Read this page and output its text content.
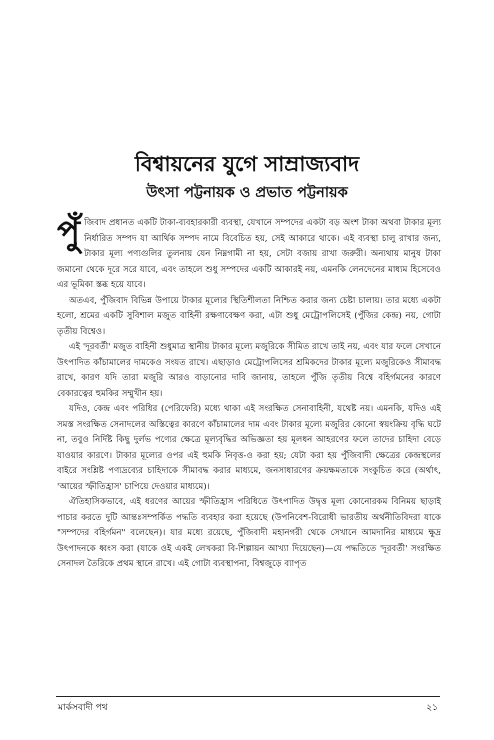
বিশ্বায়নের যুগে সাম্রাজ্যবাদ
উৎসা পট্টনায়ক ও প্রভাত পট্টনায়ক

পুঁজিবাদ প্রধানত একটি টাকা-ব্যবহারকারী ব্যবস্থা, যেখানে সম্পদের একটা বড় অংশ টাকা অথবা টাকার মূল্য নির্ধারিত সম্পদ যা আর্থিক সম্পদ নামে বিবেচিত হয়, সেই আকারে থাকে। এই ব্যবস্থা চালু রাখার জন্য, টাকার মূল্য পণ্যগুলির তুলনায় যেন নিম্নগামী না হয়, সেটা বজায় রাখা জরুরী। অন্যথায় মানুষ টাকা জমানো থেকে দূরে সরে যাবে, এবং তাহলে শুধু সম্পদের একটি আকারই নয়, এমনকি লেনদেনের মাধ্যম হিসেবেও এর ভূমিকা স্তব্ধ হয়ে যাবে।

অতএব, পুঁজিবাদ বিভিন্ন উপায়ে টাকার মূল্যের স্থিতিশীলতা নিশ্চিত করার জন্য চেষ্টা চালায়। তার মধ্যে একটা হলো, শ্রমের একটি সুবিশাল মজুত বাহিনী রক্ষণাবেক্ষণ করা, এটা শুধু মেট্রোপলিসেই (পুঁজির কেন্দ্র) নয়, গোটা তৃতীয় বিশ্বেও।

এই 'দূরবর্তী' মজুত বাহিনী শুধুমাত্র স্থানীয় টাকার মূল্যে মজুরিকে সীমিত রাখে তাই নয়, এবং যার ফলে সেখানে উৎপাদিত কাঁচামালের দামকেও সংযত রাখে। এছাড়াও মেট্রোপলিসের শ্রমিকদের টাকার মূল্যে মজুরিকেও সীমাবদ্ধ রাখে, কারণ যদি তারা মজুরি আরও বাড়ানোর দাবি জানায়, তাহলে পুঁজি তৃতীয় বিশ্বে বহির্গমনের কারণে বেকারত্বের হুমকির সম্মুখীন হয়।

যদিও, কেন্দ্র এবং পরিধির (পেরিফেরি) মধ্যে থাকা এই সংরক্ষিত সেনাবাহিনী, যথেষ্ট নয়। এমনকি, যদিও এই সমস্ত সংরক্ষিত সেনাদলের অস্তিত্বের কারণে কাঁচামালের দাম এবং টাকার মূল্যে মজুরির কোনো স্বয়ংক্রিয় বৃদ্ধি ঘটে না, তবুও নির্দিষ্ট কিছু দুর্লভ পণ্যের ক্ষেত্রে মূল্যবৃদ্ধির অভিজ্ঞতা হয় মূলধন আহরণের ফলে তাদের চাহিদা বেড়ে যাওয়ার কারণে। টাকার মূল্যের ওপর এই হুমকি নিবৃত্ত-ও করা হয়; যেটা করা হয় পুঁজিবাদী ক্ষেত্রের কেন্দ্রস্থলের বাইরে সংশ্লিষ্ট পণ্যদ্রব্যের চাহিদাকে সীমাবদ্ধ করার মাধ্যমে, জনসাধারণের ক্রয়ক্ষমতাকে সংকুচিত করে (অর্থাৎ, 'আয়ের স্ফীতিহ্রাস' চাপিয়ে দেওয়ার মাধ্যমে)।

ঐতিহাসিকভাবে, এই ধরণের আয়ের স্ফীতিহ্রাস পরিধিতে উৎপাদিত উদ্বৃত্ত মূল্য কোনোরকম বিনিময় ছাড়াই পাচার করতে দুটি আন্তঃসম্পর্কিত পদ্ধতি ব্যবহার করা হয়েছে (উপনিবেশ-বিরোধী ভারতীয় অর্থনীতিবিদরা যাকে "সম্পদের বহির্গমন" বলেছেন)। যার মধ্যে রয়েছে, পুঁজিবাদী মহানগরী থেকে সেখানে আমদানির মাধ্যমে ক্ষুদ্র উৎপাদনকে ধ্বংস করা (যাকে ওই একই লেখকরা বি-শিল্পায়ন আখ্যা দিয়েছেন)—যে পদ্ধতিতে 'দূরবর্তী' সংরক্ষিত সেনাদল তৈরিকে প্রথম স্থানে রাখে। এই গোটা ব্যবস্থাপনা, বিশ্বজুড়ে ব্যাপৃত

মার্কসবাদী পথ	২১
